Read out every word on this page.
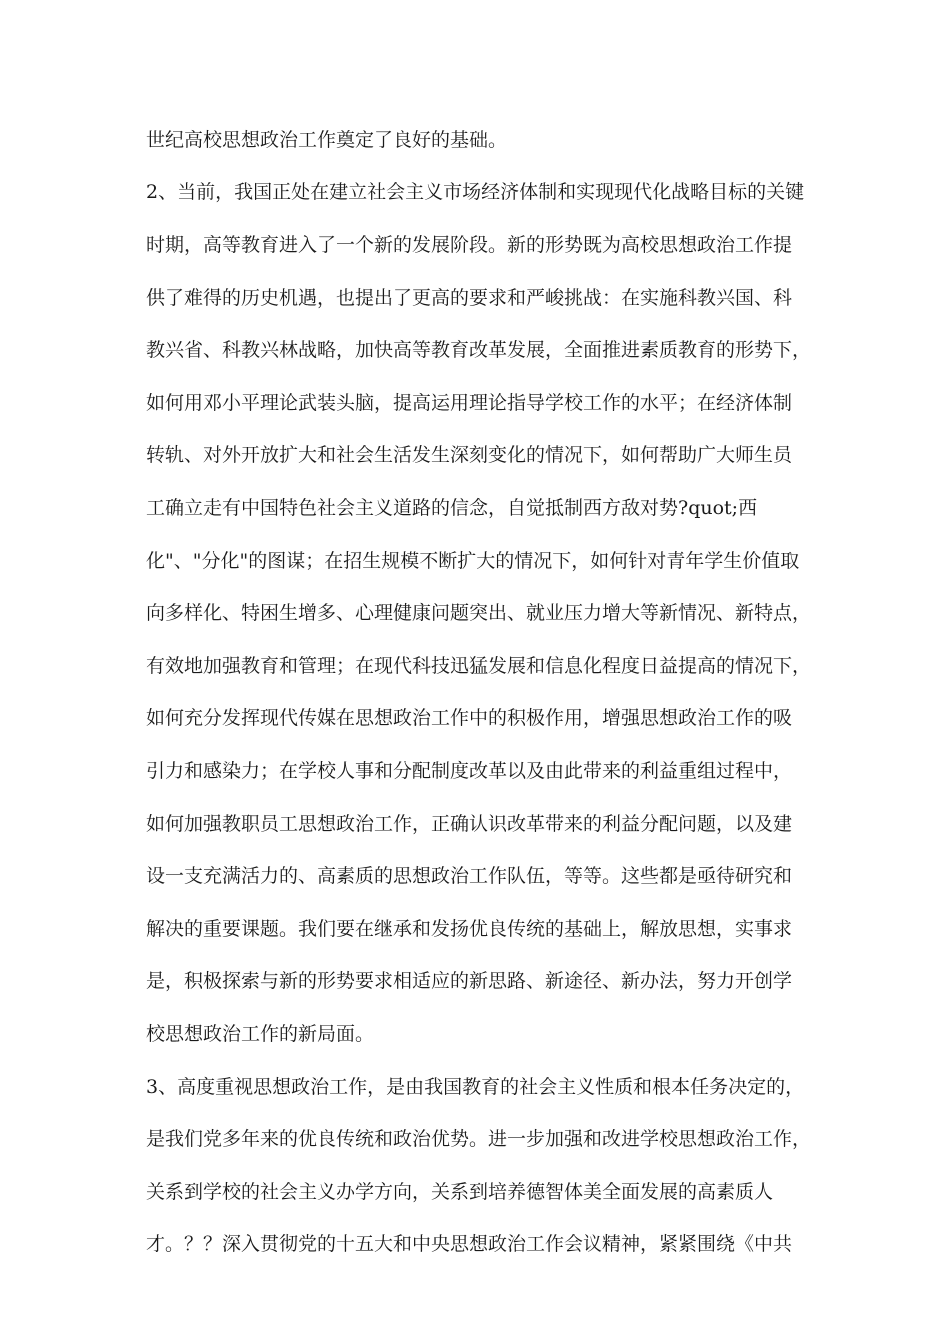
世纪高校思想政治工作奠定了良好的基础。
2、当前，我国正处在建立社会主义市场经济体制和实现现代化战略目标的关键
时期，高等教育进入了一个新的发展阶段。新的形势既为高校思想政治工作提
供了难得的历史机遇，也提出了更高的要求和严峻挑战：在实施科教兴国、科
教兴省、科教兴林战略，加快高等教育改革发展，全面推进素质教育的形势下，
如何用邓小平理论武装头脑，提高运用理论指导学校工作的水平；在经济体制
转轨、对外开放扩大和社会生活发生深刻变化的情况下，如何帮助广大师生员
工确立走有中国特色社会主义道路的信念，自觉抵制西方敌对势?quot;西
化"、"分化"的图谋；在招生规模不断扩大的情况下，如何针对青年学生价值取
向多样化、特困生增多、心理健康问题突出、就业压力增大等新情况、新特点，
有效地加强教育和管理；在现代科技迅猛发展和信息化程度日益提高的情况下，
如何充分发挥现代传媒在思想政治工作中的积极作用，增强思想政治工作的吸
引力和感染力；在学校人事和分配制度改革以及由此带来的利益重组过程中，
如何加强教职员工思想政治工作，正确认识改革带来的利益分配问题，以及建
设一支充满活力的、高素质的思想政治工作队伍，等等。这些都是亟待研究和
解决的重要课题。我们要在继承和发扬优良传统的基础上，解放思想，实事求
是，积极探索与新的形势要求相适应的新思路、新途径、新办法，努力开创学
校思想政治工作的新局面。
3、高度重视思想政治工作，是由我国教育的社会主义性质和根本任务决定的，
是我们党多年来的优良传统和政治优势。进一步加强和改进学校思想政治工作，
关系到学校的社会主义办学方向，关系到培养德智体美全面发展的高素质人
才。？？深入贯彻党的十五大和中央思想政治工作会议精神，紧紧围绕《中共
